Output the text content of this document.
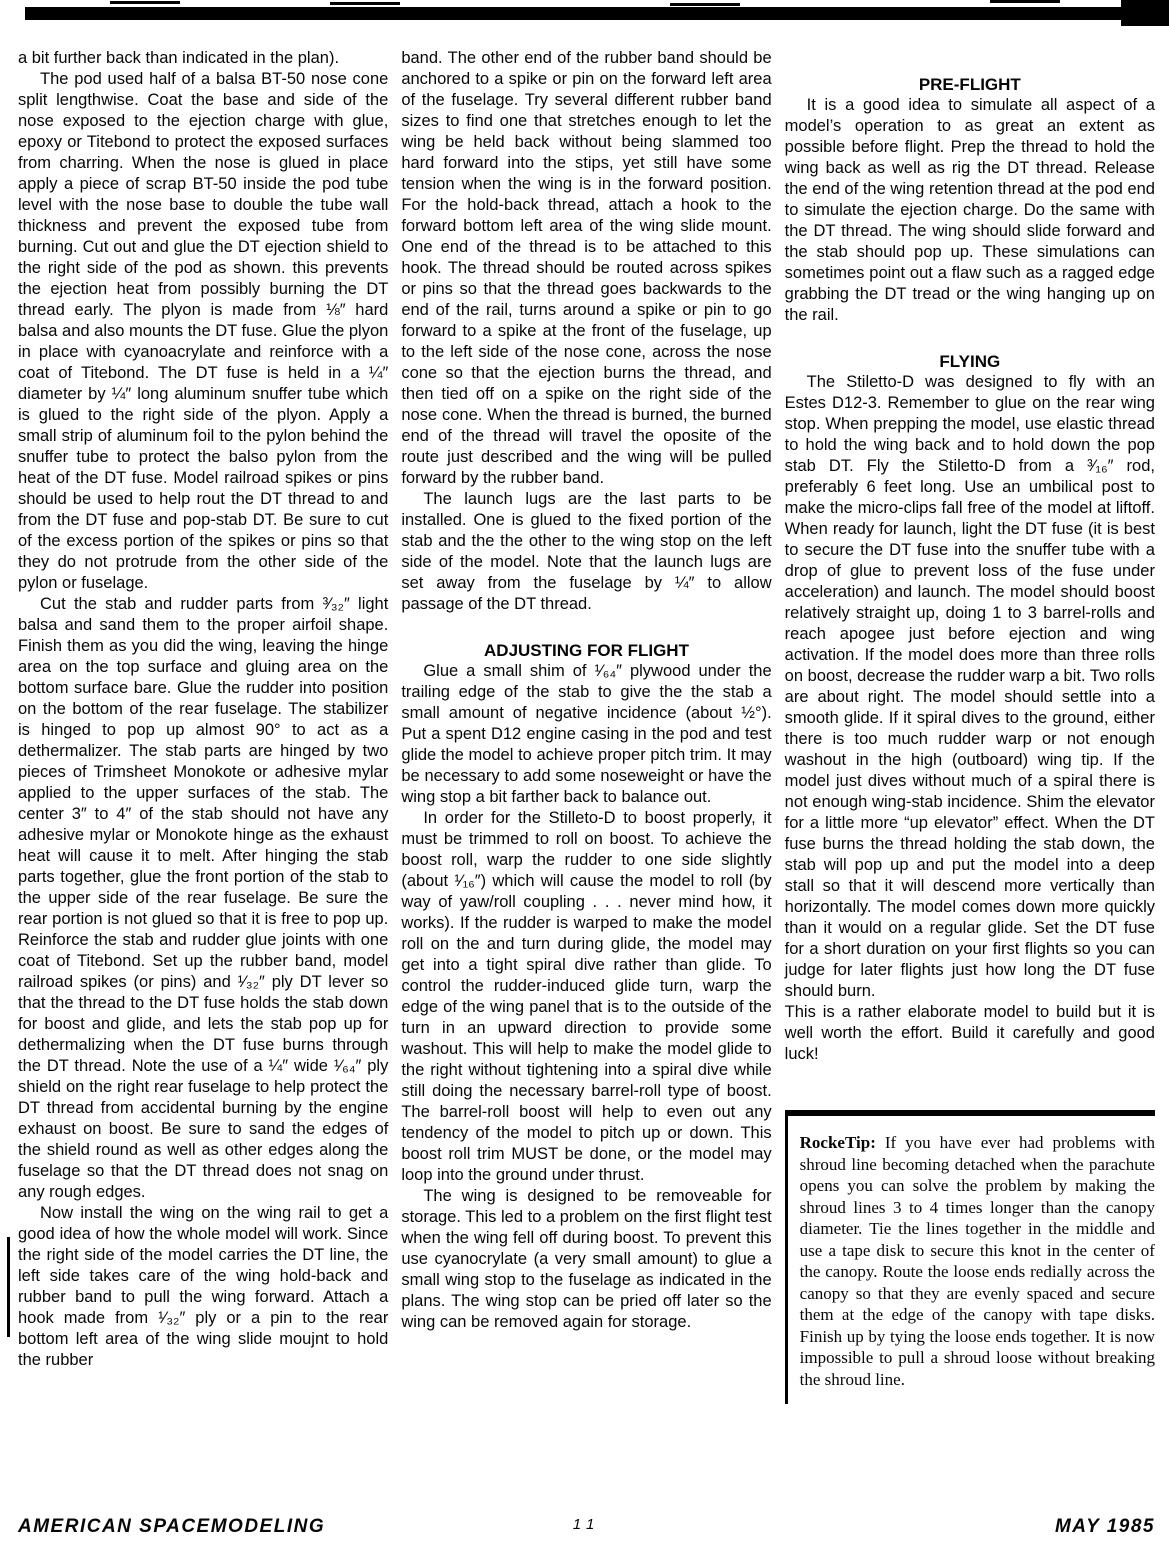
a bit further back than indicated in the plan).

The pod used half of a balsa BT-50 nose cone split lengthwise. Coat the base and side of the nose exposed to the ejection charge with glue, epoxy or Titebond to protect the exposed surfaces from charring. When the nose is glued in place apply a piece of scrap BT-50 inside the pod tube level with the nose base to double the tube wall thickness and prevent the exposed tube from burning. Cut out and glue the DT ejection shield to the right side of the pod as shown. this prevents the ejection heat from possibly burning the DT thread early. The plyon is made from ⅛″ hard balsa and also mounts the DT fuse. Glue the plyon in place with cyanoacrylate and reinforce with a coat of Titebond. The DT fuse is held in a ¼″ diameter by ¼″ long aluminum snuffer tube which is glued to the right side of the plyon. Apply a small strip of aluminum foil to the pylon behind the snuffer tube to protect the balso pylon from the heat of the DT fuse. Model railroad spikes or pins should be used to help rout the DT thread to and from the DT fuse and pop-stab DT. Be sure to cut of the excess portion of the spikes or pins so that they do not protrude from the other side of the pylon or fuselage.

Cut the stab and rudder parts from ³⁄₃₂″ light balsa and sand them to the proper airfoil shape. Finish them as you did the wing, leaving the hinge area on the top surface and gluing area on the bottom surface bare. Glue the rudder into position on the bottom of the rear fuselage. The stabilizer is hinged to pop up almost 90° to act as a dethermalizer. The stab parts are hinged by two pieces of Trimsheet Monokote or adhesive mylar applied to the upper surfaces of the stab. The center 3″ to 4″ of the stab should not have any adhesive mylar or Monokote hinge as the exhaust heat will cause it to melt. After hinging the stab parts together, glue the front portion of the stab to the upper side of the rear fuselage. Be sure the rear portion is not glued so that it is free to pop up. Reinforce the stab and rudder glue joints with one coat of Titebond. Set up the rubber band, model railroad spikes (or pins) and ¹⁄₃₂″ ply DT lever so that the thread to the DT fuse holds the stab down for boost and glide, and lets the stab pop up for dethermalizing when the DT fuse burns through the DT thread. Note the use of a ¼″ wide ¹⁄₆₄″ ply shield on the right rear fuselage to help protect the DT thread from accidental burning by the engine exhaust on boost. Be sure to sand the edges of the shield round as well as other edges along the fuselage so that the DT thread does not snag on any rough edges.

Now install the wing on the wing rail to get a good idea of how the whole model will work. Since the right side of the model carries the DT line, the left side takes care of the wing hold-back and rubber band to pull the wing forward. Attach a hook made from ¹⁄₃₂″ ply or a pin to the rear bottom left area of the wing slide moujnt to hold the rubber

band. The other end of the rubber band should be anchored to a spike or pin on the forward left area of the fuselage. Try several different rubber band sizes to find one that stretches enough to let the wing be held back without being slammed too hard forward into the stips, yet still have some tension when the wing is in the forward position. For the hold-back thread, attach a hook to the forward bottom left area of the wing slide mount. One end of the thread is to be attached to this hook. The thread should be routed across spikes or pins so that the thread goes backwards to the end of the rail, turns around a spike or pin to go forward to a spike at the front of the fuselage, up to the left side of the nose cone, across the nose cone so that the ejection burns the thread, and then tied off on a spike on the right side of the nose cone. When the thread is burned, the burned end of the thread will travel the oposite of the route just described and the wing will be pulled forward by the rubber band.

The launch lugs are the last parts to be installed. One is glued to the fixed portion of the stab and the the other to the wing stop on the left side of the model. Note that the launch lugs are set away from the fuselage by ¼″ to allow passage of the DT thread.

ADJUSTING FOR FLIGHT

Glue a small shim of ¹⁄₆₄″ plywood under the trailing edge of the stab to give the the stab a small amount of negative incidence (about ½°). Put a spent D12 engine casing in the pod and test glide the model to achieve proper pitch trim. It may be necessary to add some noseweight or have the wing stop a bit farther back to balance out.

In order for the Stilleto-D to boost properly, it must be trimmed to roll on boost. To achieve the boost roll, warp the rudder to one side slightly (about ¹⁄₁₆″) which will cause the model to roll (by way of yaw/roll coupling . . . never mind how, it works). If the rudder is warped to make the model roll on the and turn during glide, the model may get into a tight spiral dive rather than glide. To control the rudder-induced glide turn, warp the edge of the wing panel that is to the outside of the turn in an upward direction to provide some washout. This will help to make the model glide to the right without tightening into a spiral dive while still doing the necessary barrel-roll type of boost. The barrel-roll boost will help to even out any tendency of the model to pitch up or down. This boost roll trim MUST be done, or the model may loop into the ground under thrust.

The wing is designed to be removeable for storage. This led to a problem on the first flight test when the wing fell off during boost. To prevent this use cyanocrylate (a very small amount) to glue a small wing stop to the fuselage as indicated in the plans. The wing stop can be pried off later so the wing can be removed again for storage.

PRE-FLIGHT

It is a good idea to simulate all aspect of a model’s operation to as great an extent as possible before flight. Prep the thread to hold the wing back as well as rig the DT thread. Release the end of the wing retention thread at the pod end to simulate the ejection charge. Do the same with the DT thread. The wing should slide forward and the stab should pop up. These simulations can sometimes point out a flaw such as a ragged edge grabbing the DT tread or the wing hanging up on the rail.

FLYING

The Stiletto-D was designed to fly with an Estes D12-3. Remember to glue on the rear wing stop. When prepping the model, use elastic thread to hold the wing back and to hold down the pop stab DT. Fly the Stiletto-D from a ³⁄₁₆″ rod, preferably 6 feet long. Use an umbilical post to make the micro-clips fall free of the model at liftoff. When ready for launch, light the DT fuse (it is best to secure the DT fuse into the snuffer tube with a drop of glue to prevent loss of the fuse under acceleration) and launch. The model should boost relatively straight up, doing 1 to 3 barrel-rolls and reach apogee just before ejection and wing activation. If the model does more than three rolls on boost, decrease the rudder warp a bit. Two rolls are about right. The model should settle into a smooth glide. If it spiral dives to the ground, either there is too much rudder warp or not enough washout in the high (outboard) wing tip. If the model just dives without much of a spiral there is not enough wing-stab incidence. Shim the elevator for a little more “up elevator” effect. When the DT fuse burns the thread holding the stab down, the stab will pop up and put the model into a deep stall so that it will descend more vertically than horizontally. The model comes down more quickly than it would on a regular glide. Set the DT fuse for a short duration on your first flights so you can judge for later flights just how long the DT fuse should burn.

This is a rather elaborate model to build but it is well worth the effort. Build it carefully and good luck!

RockeTip: If you have ever had problems with shroud line becoming detached when the parachute opens you can solve the problem by making the shroud lines 3 to 4 times longer than the canopy diameter. Tie the lines together in the middle and use a tape disk to secure this knot in the center of the canopy. Route the loose ends redially across the canopy so that they are evenly spaced and secure them at the edge of the canopy with tape disks. Finish up by tying the loose ends together. It is now impossible to pull a shroud loose without breaking the shroud line.

AMERICAN SPACEMODELING	11	MAY 1985
